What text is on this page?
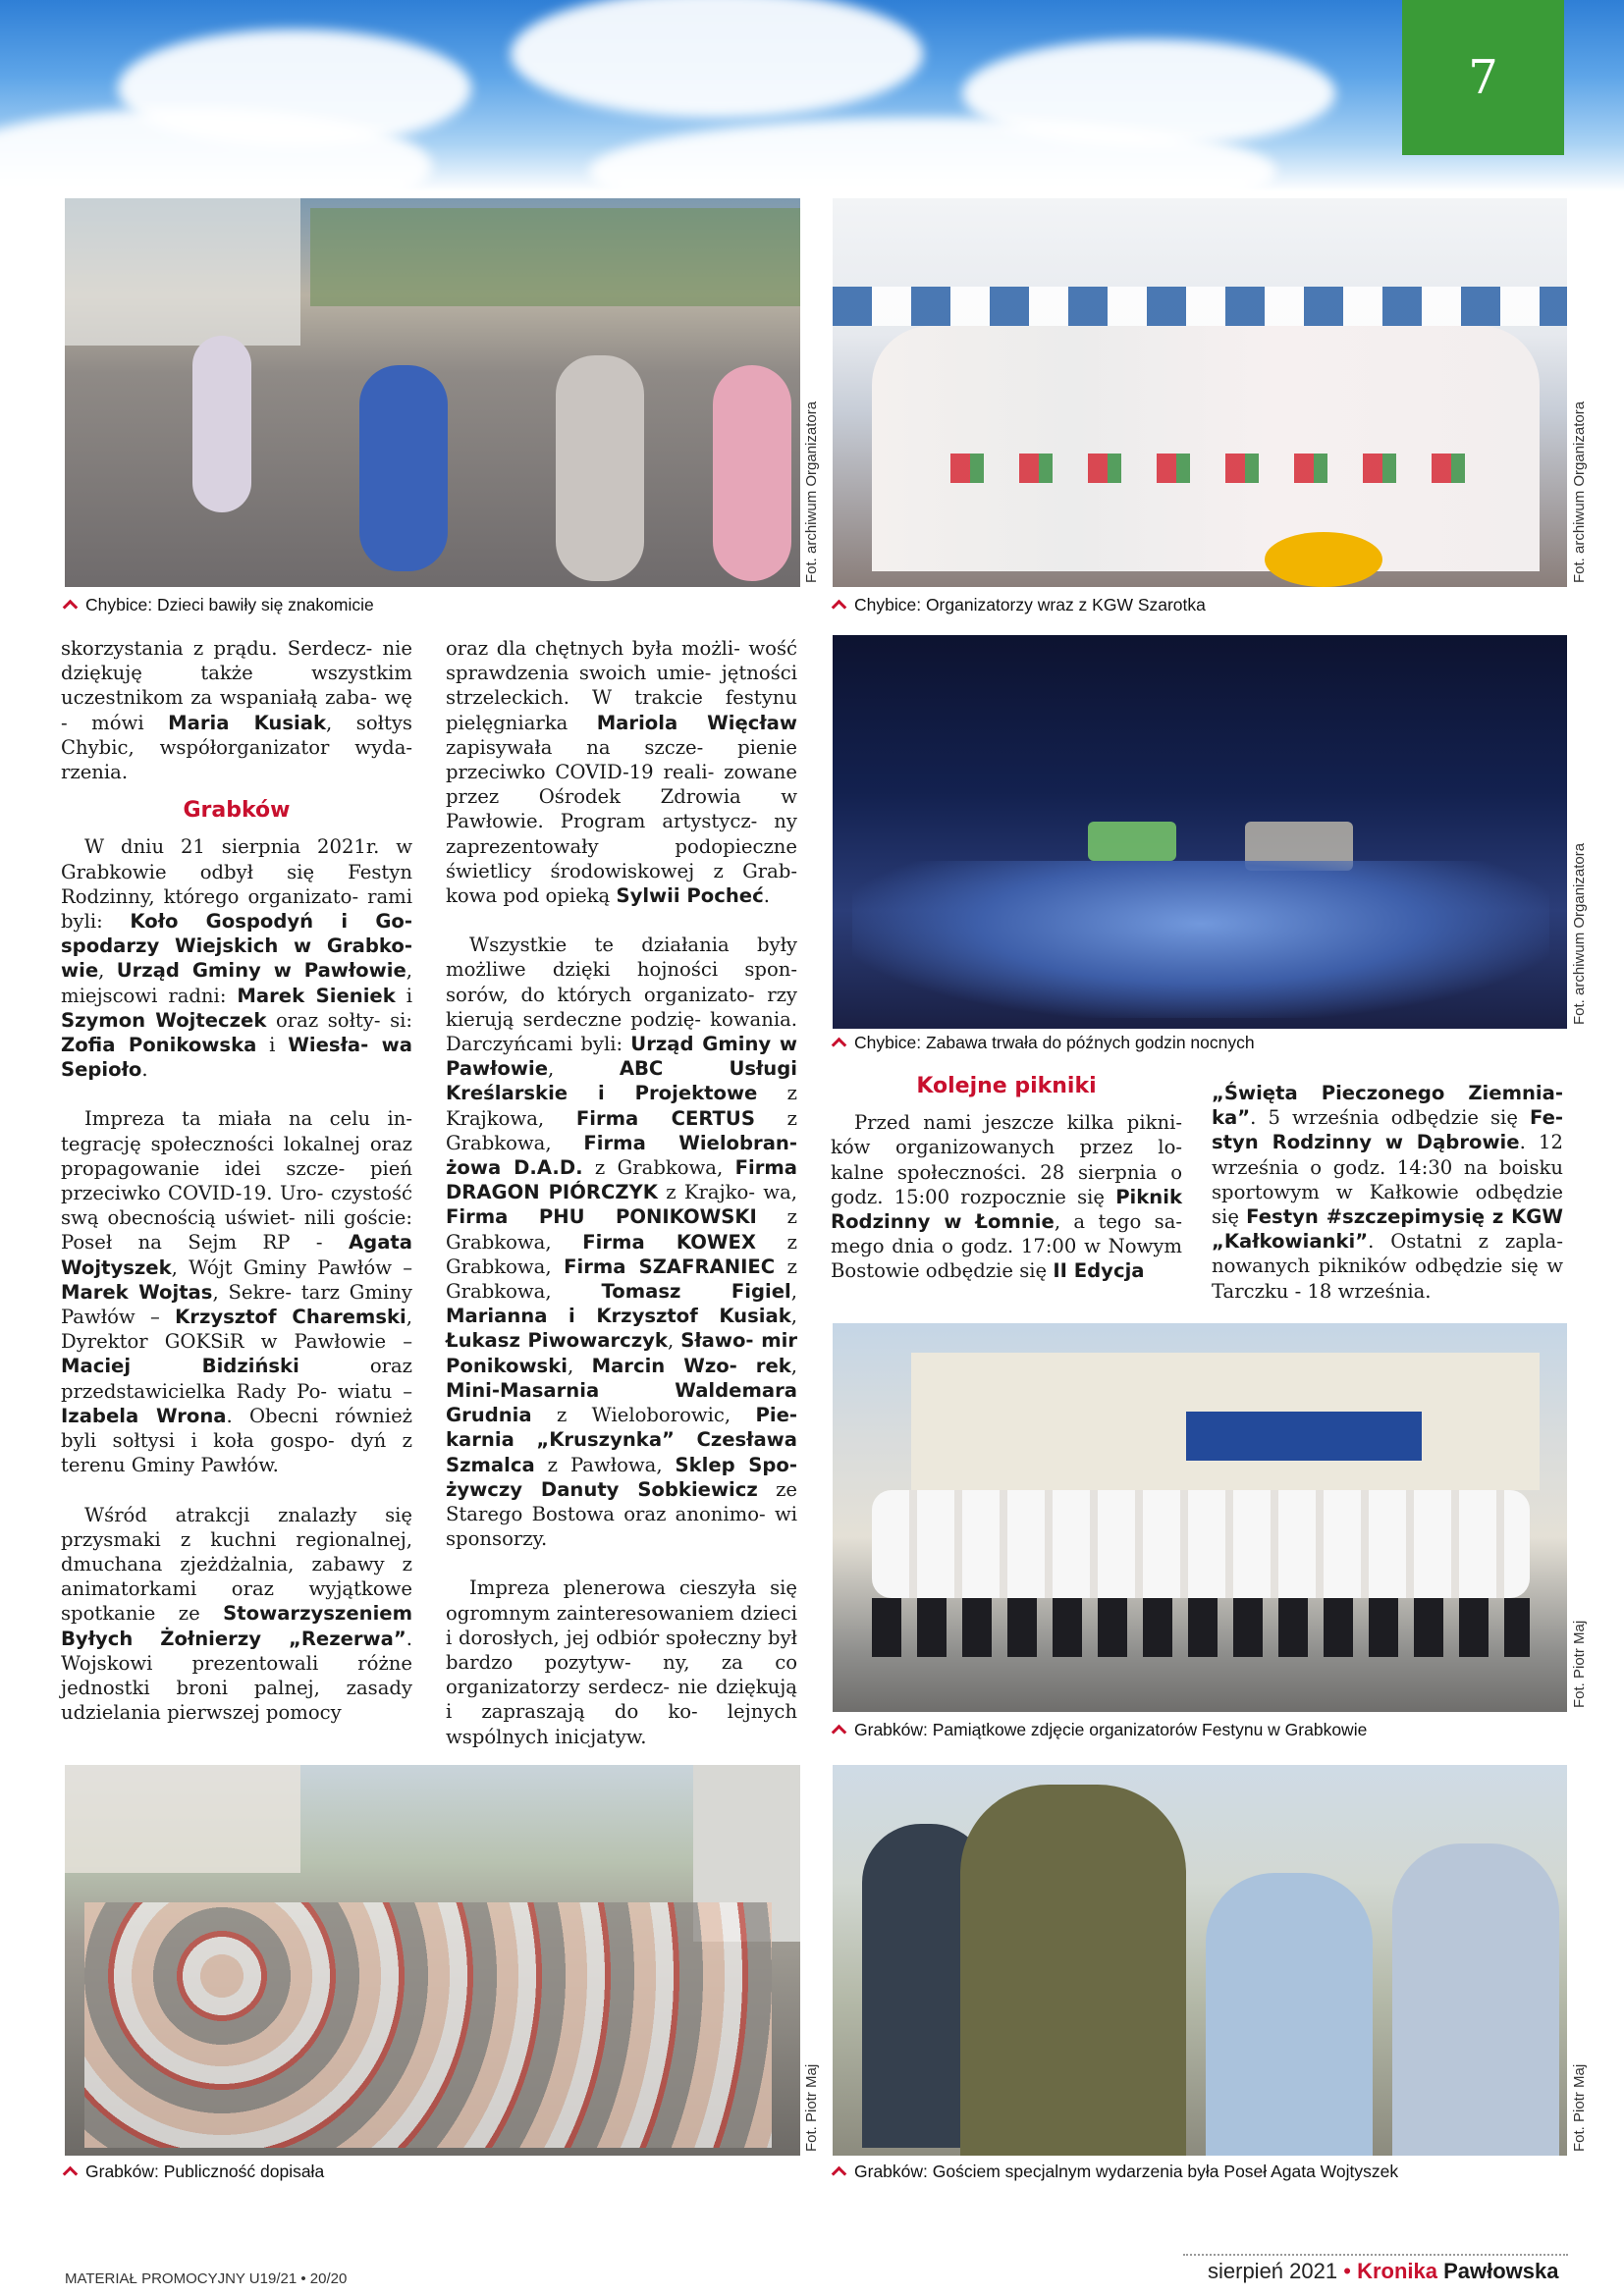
7
Fot. archiwum Organizatora
Chybice: Dzieci bawiły się znakomicie
Fot. archiwum Organizatora
Chybice: Organizatorzy wraz z KGW Szarotka
Fot. archiwum Organizatora
Chybice: Zabawa trwała do późnych godzin nocnych
Fot. Piotr Maj
Grabków: Pamiątkowe zdjęcie organizatorów Festynu w Grabkowie
Fot. Piotr Maj
Grabków: Publiczność dopisała
Fot. Piotr Maj
Grabków: Gościem specjalnym wydarzenia była Poseł Agata Wojtyszek

skorzystania z prądu. Serdecz- nie dziękuję także wszystkim uczestnikom za wspaniałą zaba- wę - mówi Maria Kusiak, sołtys Chybic, współorganizator wyda- rzenia.

Grabków

W dniu 21 sierpnia 2021r. w Grabkowie odbył się Festyn Rodzinny, którego organizato- rami byli: Koło Gospodyń i Go- spodarzy Wiejskich w Grabko- wie, Urząd Gminy w Pawłowie, miejscowi radni: Marek Sieniek i Szymon Wojteczek oraz sołty- si: Zofia Ponikowska i Wiesła- wa Sepioło.

Impreza ta miała na celu in- tegrację społeczności lokalnej oraz propagowanie idei szcze- pień przeciwko COVID-19. Uro- czystość swą obecnością uświet- nili goście: Poseł na Sejm RP - Agata Wojtyszek, Wójt Gminy Pawłów – Marek Wojtas, Sekre- tarz Gminy Pawłów – Krzysztof Charemski, Dyrektor GOKSiR w Pawłowie – Maciej Bidziński oraz przedstawicielka Rady Po- wiatu – Izabela Wrona. Obecni również byli sołtysi i koła gospo- dyń z terenu Gminy Pawłów.

Wśród atrakcji znalazły się przysmaki z kuchni regionalnej, dmuchana zjeżdżalnia, zabawy z animatorkami oraz wyjątkowe spotkanie ze Stowarzyszeniem Byłych Żołnierzy „Rezerwa”. Wojskowi prezentowali różne jednostki broni palnej, zasady udzielania pierwszej pomocy

oraz dla chętnych była możli- wość sprawdzenia swoich umie- jętności strzeleckich. W trakcie festynu pielęgniarka Mariola Więcław zapisywała na szcze- pienie przeciwko COVID-19 reali- zowane przez Ośrodek Zdrowia w Pawłowie. Program artystycz- ny zaprezentowały podopieczne świetlicy środowiskowej z Grab- kowa pod opieką Sylwii Pocheć.

Wszystkie te działania były możliwe dzięki hojności spon- sorów, do których organizato- rzy kierują serdeczne podzię- kowania. Darczyńcami byli: Urząd Gminy w Pawłowie, ABC Usługi Kreślarskie i Projektowe z Krajkowa, Firma CERTUS z Grabkowa, Firma Wielobran- żowa D.A.D. z Grabkowa, Firma DRAGON PIÓRCZYK z Krajko- wa, Firma PHU PONIKOWSKI z Grabkowa, Firma KOWEX z Grabkowa, Firma SZAFRANIEC z Grabkowa, Tomasz Figiel, Marianna i Krzysztof Kusiak, Łukasz Piwowarczyk, Sławo- mir Ponikowski, Marcin Wzo- rek, Mini-Masarnia Waldemara Grudnia z Wieloborowic, Pie- karnia „Kruszynka” Czesława Szmalca z Pawłowa, Sklep Spo- żywczy Danuty Sobkiewicz ze Starego Bostowa oraz anonimo- wi sponsorzy.

Impreza plenerowa cieszyła się ogromnym zainteresowaniem dzieci i dorosłych, jej odbiór społeczny był bardzo pozytyw- ny, za co organizatorzy serdecz- nie dziękują i zapraszają do ko- lejnych wspólnych inicjatyw.

Kolejne pikniki

Przed nami jeszcze kilka pikni- ków organizowanych przez lo- kalne społeczności. 28 sierpnia o godz. 15:00 rozpocznie się Piknik Rodzinny w Łomnie, a tego sa- mego dnia o godz. 17:00 w Nowym Bostowie odbędzie się II Edycja

„Święta Pieczonego Ziemnia- ka”. 5 września odbędzie się Fe- styn Rodzinny w Dąbrowie. 12 września o godz. 14:30 na boisku sportowym w Kałkowie odbędzie się Festyn #szczepimysię z KGW „Kałkowianki”. Ostatni z zapla- nowanych pikników odbędzie się w Tarczku - 18 września.

MATERIAŁ PROMOCYJNY U19/21 • 20/20	sierpień 2021 • Kronika Pawłowska
